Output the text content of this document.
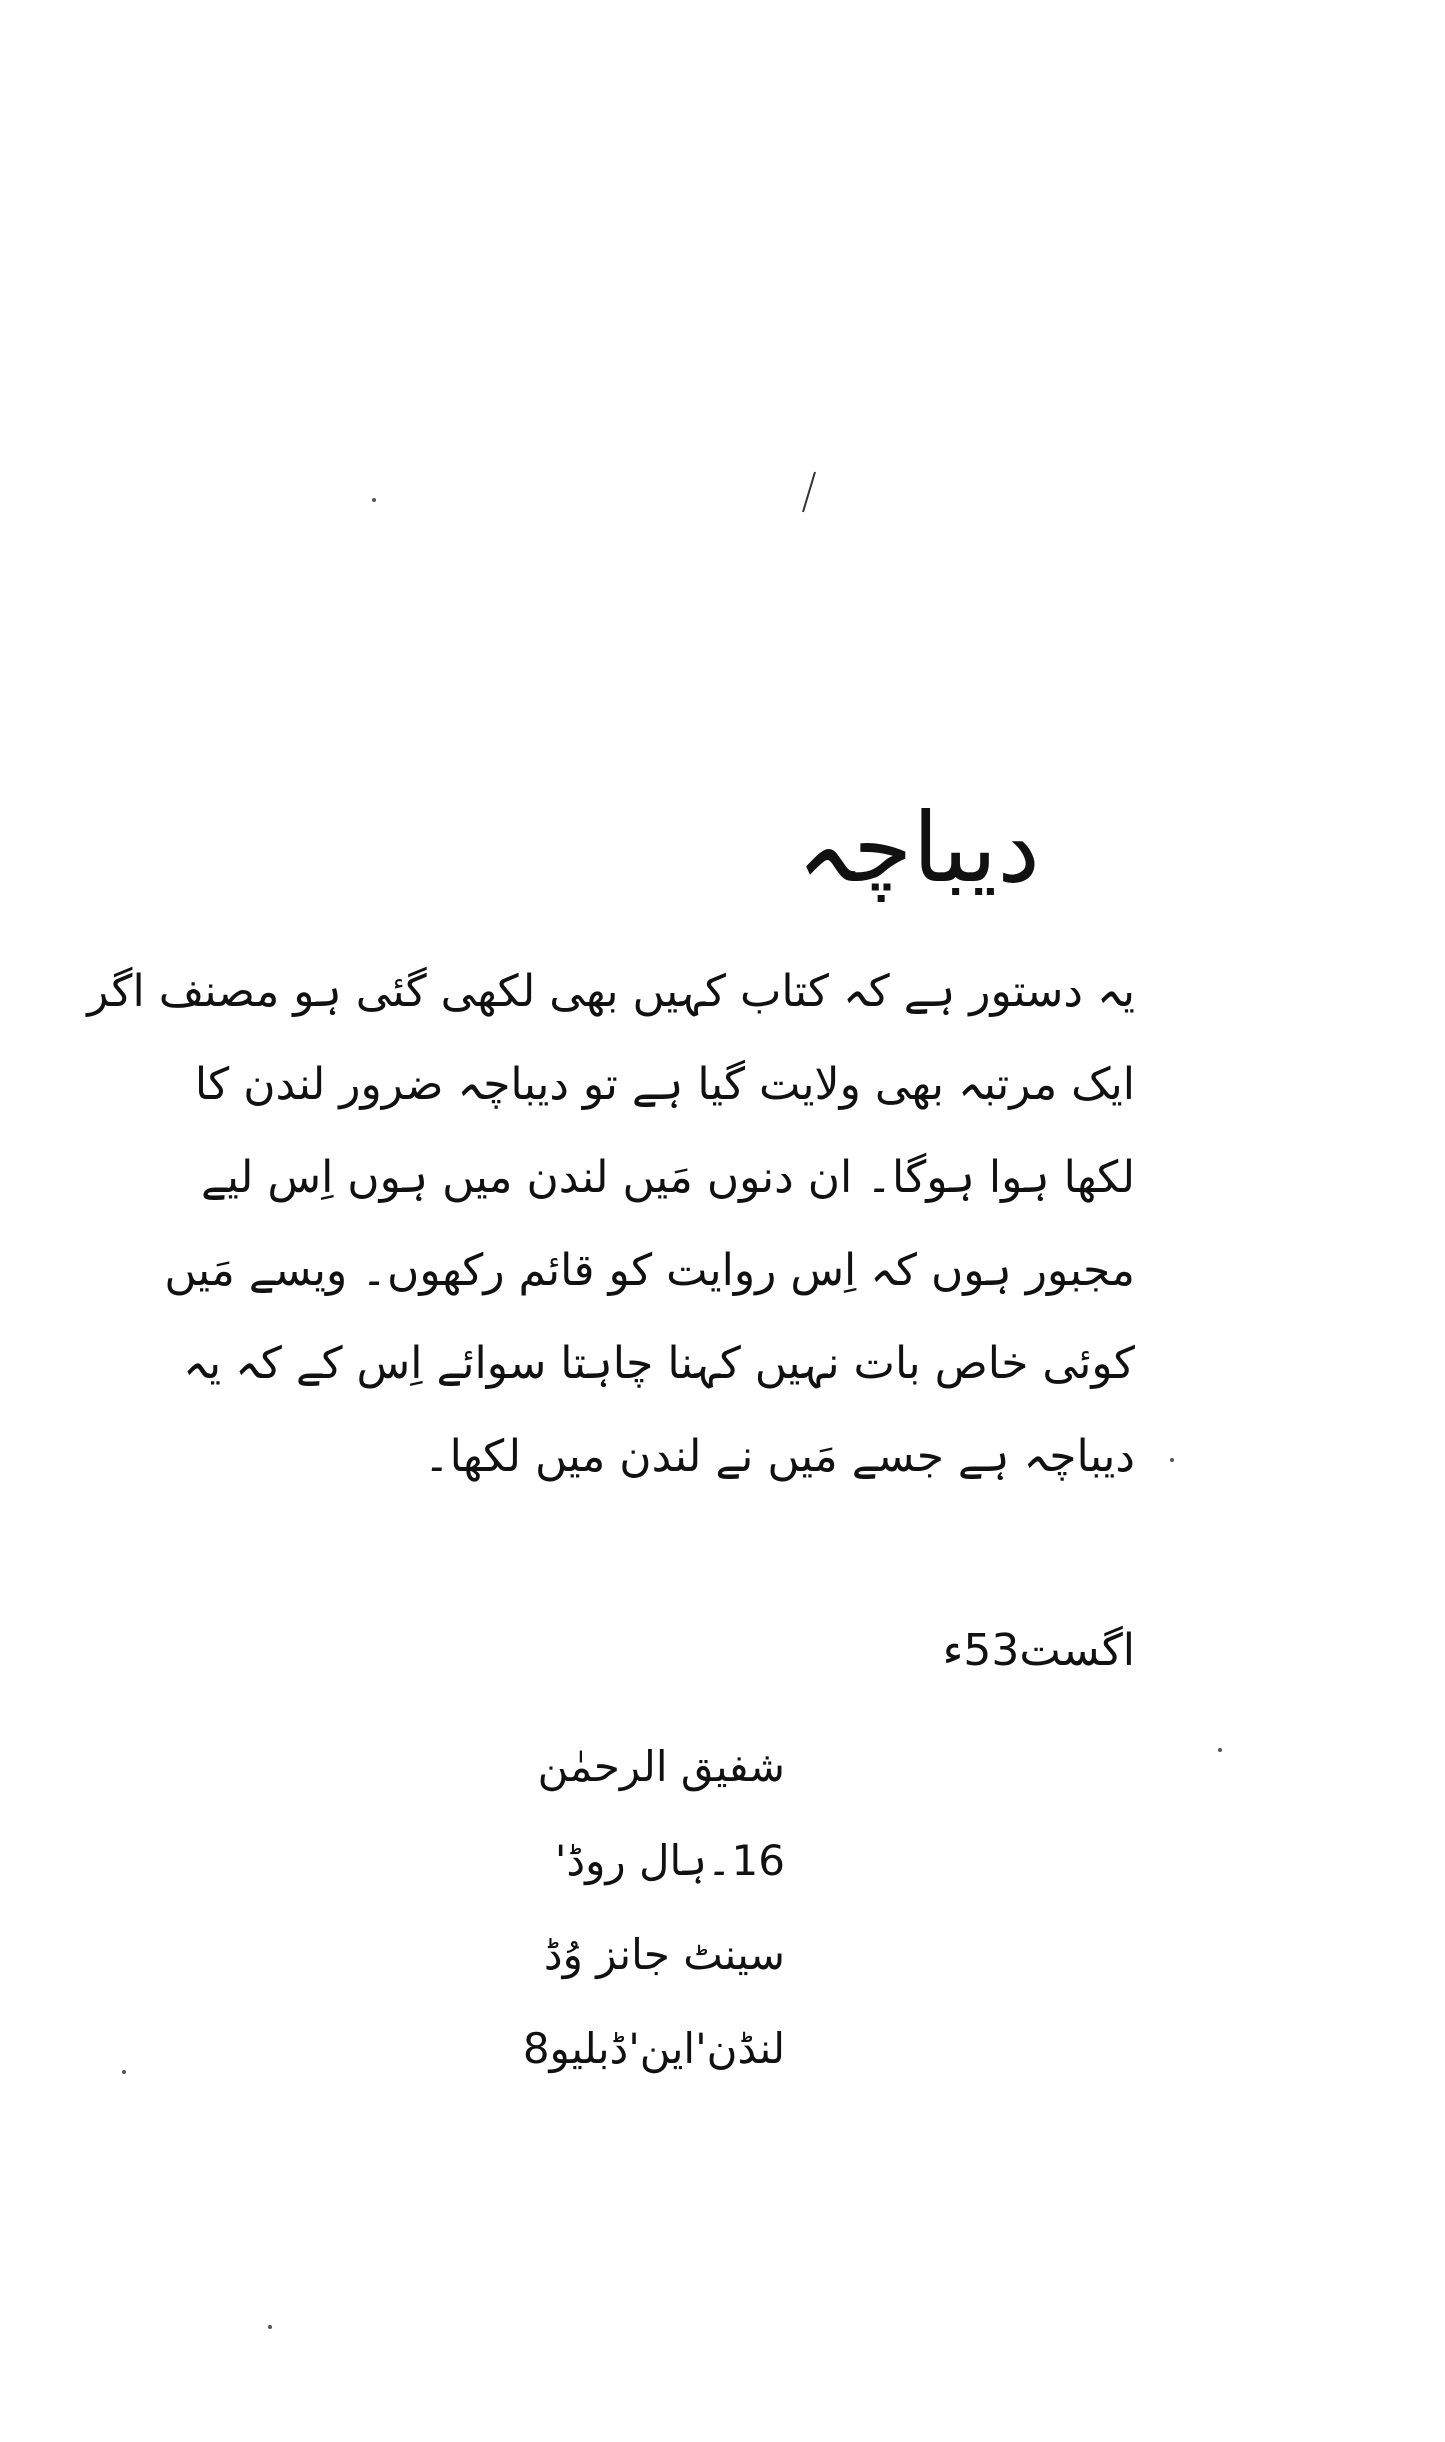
دیباچہ
یہ دستور ہے کہ کتاب کہیں بھی لکھی گئی ہو مصنف اگر
ایک مرتبہ بھی ولایت گیا ہے تو دیباچہ ضرور لندن کا
لکھا ہوا ہوگا۔ ان دنوں مَیں لندن میں ہوں اِس لیے
مجبور ہوں کہ اِس روایت کو قائم رکھوں۔ ویسے مَیں
کوئی خاص بات نہیں کہنا چاہتا سوائے اِس کے کہ یہ
دیباچہ ہے جسے مَیں نے لندن میں لکھا۔
اگست53ء
شفیق الرحمٰن
16۔ہال روڈ'
سینٹ جانز وُڈ
لنڈن'این'ڈبلیو8
